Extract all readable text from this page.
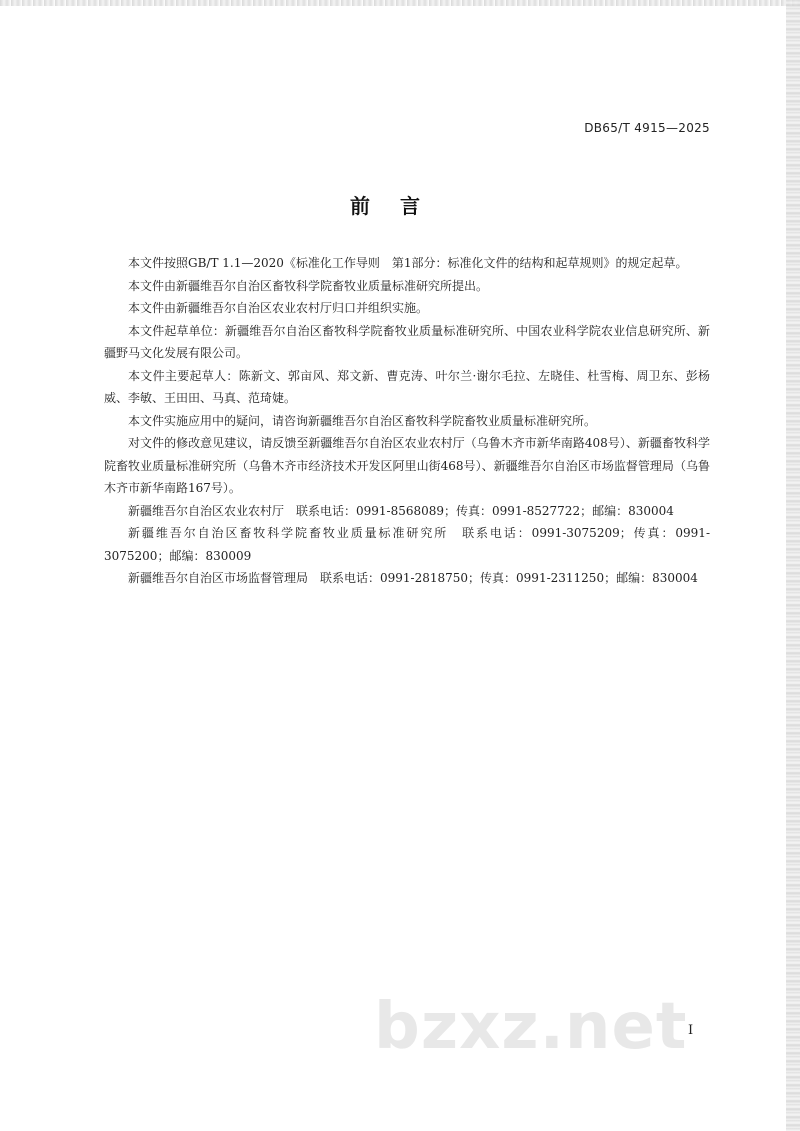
DB65/T 4915—2025
前言

本文件按照GB/T 1.1—2020《标准化工作导则　第1部分：标准化文件的结构和起草规则》的规定起草。

本文件由新疆维吾尔自治区畜牧科学院畜牧业质量标准研究所提出。

本文件由新疆维吾尔自治区农业农村厅归口并组织实施。

本文件起草单位：新疆维吾尔自治区畜牧科学院畜牧业质量标准研究所、中国农业科学院农业信息研究所、新疆野马文化发展有限公司。

本文件主要起草人：陈新文、郭亩风、郑文新、曹克涛、叶尔兰·谢尔毛拉、左晓佳、杜雪梅、周卫东、彭杨威、李敏、王田田、马真、范琦婕。

本文件实施应用中的疑问，请咨询新疆维吾尔自治区畜牧科学院畜牧业质量标准研究所。

对文件的修改意见建议，请反馈至新疆维吾尔自治区农业农村厅（乌鲁木齐市新华南路408号）、新疆畜牧科学院畜牧业质量标准研究所（乌鲁木齐市经济技术开发区阿里山街468号）、新疆维吾尔自治区市场监督管理局（乌鲁木齐市新华南路167号）。

新疆维吾尔自治区农业农村厅　联系电话：0991-8568089；传真：0991-8527722；邮编：830004

新疆维吾尔自治区畜牧科学院畜牧业质量标准研究所　联系电话：0991-3075209；传真：0991-3075200；邮编：830009

新疆维吾尔自治区市场监督管理局　联系电话：0991-2818750；传真：0991-2311250；邮编：830004

bzxz.net I
